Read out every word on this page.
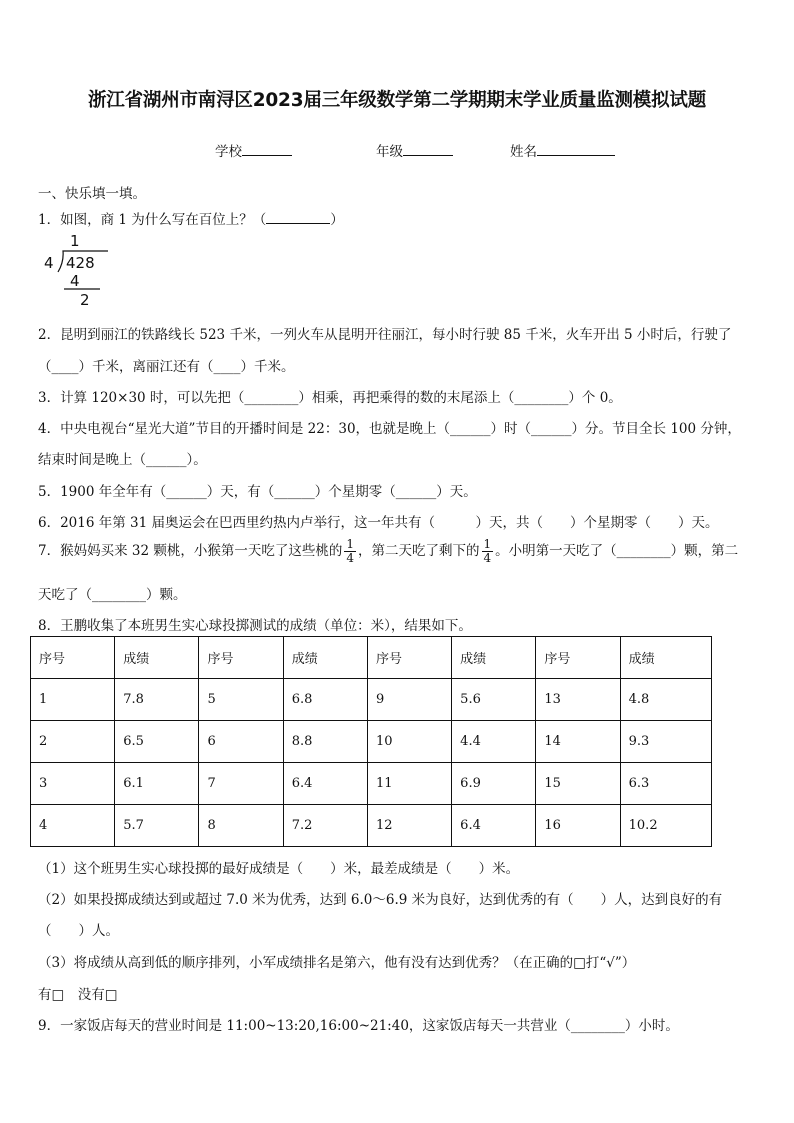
浙江省湖州市南浔区2023届三年级数学第二学期期末学业质量监测模拟试题
学校	年级	姓名
一、快乐填一填。
1．如图，商 1 为什么写在百位上？（	）
1
4 428
4
2
2．昆明到丽江的铁路线长 523 千米，一列火车从昆明开往丽江，每小时行驶 85 千米，火车开出 5 小时后，行驶了
（____）千米，离丽江还有（____）千米。
3．计算 120×30 时，可以先把（________）相乘，再把乘得的数的末尾添上（________）个 0。
4．中央电视台“星光大道”节目的开播时间是 22：30，也就是晚上（______）时（______）分。节目全长 100 分钟，
结束时间是晚上（______）。
5．1900 年全年有（______）天，有（______）个星期零（______）天。
6．2016 年第 31 届奥运会在巴西里约热内卢举行，这一年共有（　　　）天，共（　　）个星期零（　　）天。
7．猴妈妈买来 32 颗桃，小猴第一天吃了这些桃的 $\frac{1}{4}$ ，第二天吃了剩下的 $\frac{1}{4}$ 。小明第一天吃了（________）颗，第二
天吃了（________）颗。
8．王鹏收集了本班男生实心球投掷测试的成绩（单位：米），结果如下。
序号	成绩	序号	成绩	序号	成绩	序号	成绩
1	7.8	5	6.8	9	5.6	13	4.8
2	6.5	6	8.8	10	4.4	14	9.3
3	6.1	7	6.4	11	6.9	15	6.3
4	5.7	8	7.2	12	6.4	16	10.2
（1）这个班男生实心球投掷的最好成绩是（　　）米，最差成绩是（　　）米。
（2）如果投掷成绩达到或超过 7.0 米为优秀，达到 6.0～6.9 米为良好，达到优秀的有（　　）人，达到良好的有
（　　）人。
（3）将成绩从高到低的顺序排列，小军成绩排名是第六，他有没有达到优秀？（在正确的□打“√”）
有□　没有□
9．一家饭店每天的营业时间是 11:00~13:20,16:00~21:40，这家饭店每天一共营业（________）小时。
